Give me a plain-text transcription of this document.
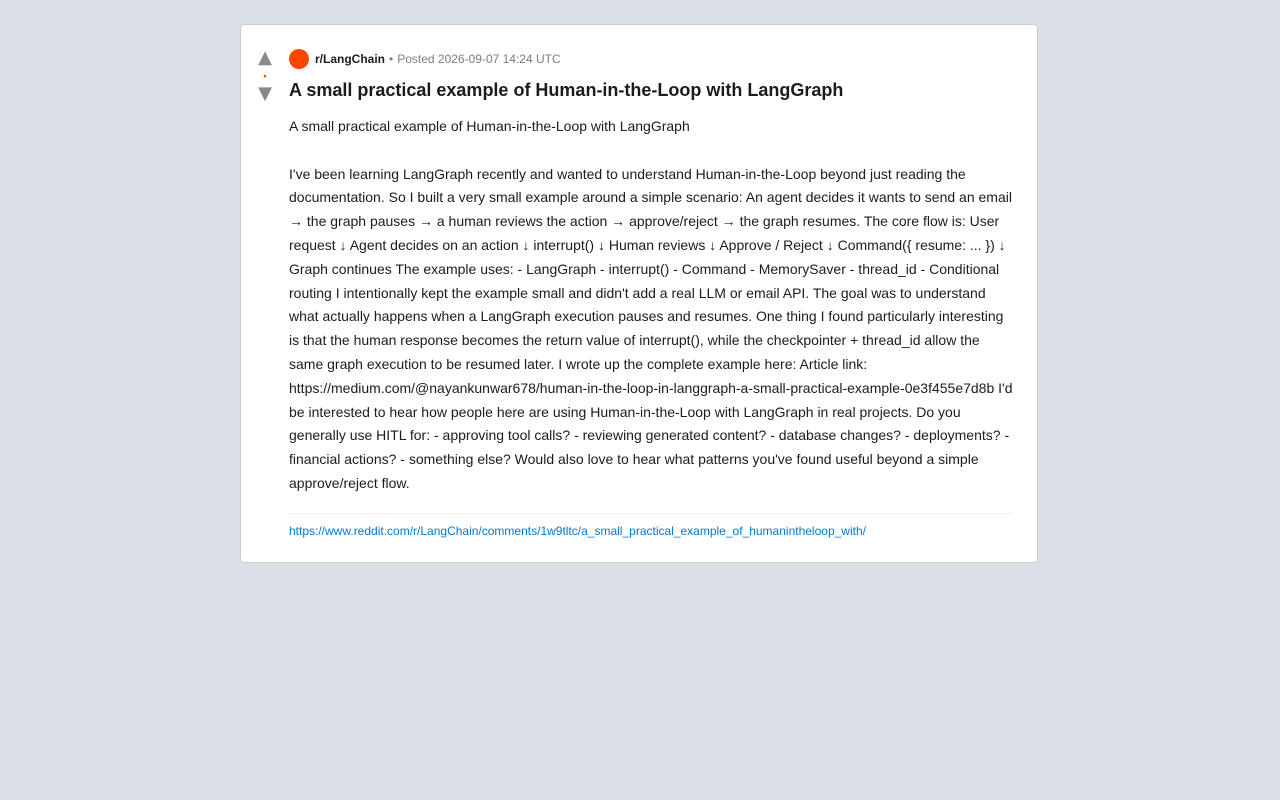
▲
•
▼
r/LangChain • Posted 2026-09-07 14:24 UTC
A small practical example of Human-in-the-Loop with LangGraph

A small practical example of Human-in-the-Loop with LangGraph

I've been learning LangGraph recently and wanted to understand Human-in-the-Loop beyond just reading the documentation. So I built a very small example around a simple scenario: An agent decides it wants to send an email → the graph pauses → a human reviews the action → approve/reject → the graph resumes. The core flow is: User request ↓ Agent decides on an action ↓ interrupt() ↓ Human reviews ↓ Approve / Reject ↓ Command({ resume: ... }) ↓ Graph continues The example uses: - LangGraph - interrupt() - Command - MemorySaver - thread_id - Conditional routing I intentionally kept the example small and didn't add a real LLM or email API. The goal was to understand what actually happens when a LangGraph execution pauses and resumes. One thing I found particularly interesting is that the human response becomes the return value of interrupt(), while the checkpointer + thread_id allow the same graph execution to be resumed later. I wrote up the complete example here: Article link: https://medium.com/@nayankunwar678/human-in-the-loop-in-langgraph-a-small-practical-example-0e3f455e7d8b I'd be interested to hear how people here are using Human-in-the-Loop with LangGraph in real projects. Do you generally use HITL for: - approving tool calls? - reviewing generated content? - database changes? - deployments? - financial actions? - something else? Would also love to hear what patterns you've found useful beyond a simple approve/reject flow.

https://www.reddit.com/r/LangChain/comments/1w9tltc/a_small_practical_example_of_humanintheloop_with/
